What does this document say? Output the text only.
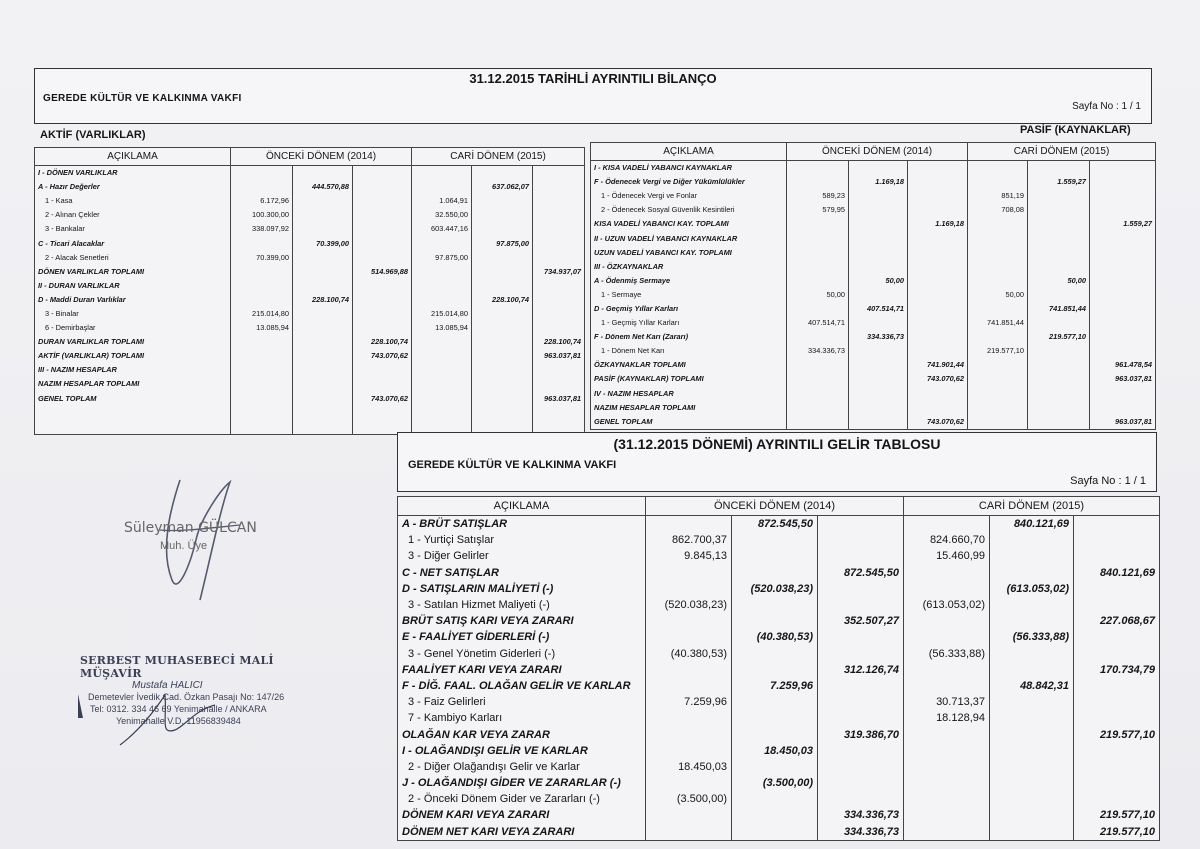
31.12.2015 TARİHLİ AYRINTILI BİLANÇO
GEREDE KÜLTÜR VE KALKINMA VAKFI
Sayfa No : 1 / 1
AKTİF (VARLIKLAR)	PASİF (KAYNAKLAR)
AÇIKLAMA	ÖNCEKİ DÖNEM (2014)			CARİ DÖNEM (2015)		
I - DÖNEN VARLIKLAR						
A - Hazır Değerler		444.570,88			637.062,07	
1 - Kasa	6.172,96			1.064,91		
2 - Alınan Çekler	100.300,00			32.550,00		
3 - Bankalar	338.097,92			603.447,16		
C - Ticari Alacaklar		70.399,00			97.875,00	
2 - Alacak Senetleri	70.399,00			97.875,00		
DÖNEN VARLIKLAR TOPLAMI			514.969,88			734.937,07
II - DURAN VARLIKLAR						
D - Maddi Duran Varlıklar		228.100,74			228.100,74	
3 - Binalar	215.014,80			215.014,80		
6 - Demirbaşlar	13.085,94			13.085,94		
DURAN VARLIKLAR TOPLAMI			228.100,74			228.100,74
AKTİF (VARLIKLAR) TOPLAMI			743.070,62			963.037,81
III - NAZIM HESAPLAR						
NAZIM HESAPLAR TOPLAMI						
GENEL TOPLAM			743.070,62			963.037,81

AÇIKLAMA	ÖNCEKİ DÖNEM (2014)			CARİ DÖNEM (2015)		
I - KISA VADELİ YABANCI KAYNAKLAR						
F - Ödenecek Vergi ve Diğer Yükümlülükler		1.169,18			1.559,27	
1 - Ödenecek Vergi ve Fonlar	589,23			851,19		
2 - Ödenecek Sosyal Güvenlik Kesintileri	579,95			708,08		
KISA VADELİ YABANCI KAY. TOPLAMI			1.169,18			1.559,27
II - UZUN VADELİ YABANCI KAYNAKLAR						
UZUN VADELİ YABANCI KAY. TOPLAMI						
III - ÖZKAYNAKLAR						
A - Ödenmiş Sermaye		50,00			50,00	
1 - Sermaye	50,00			50,00		
D - Geçmiş Yıllar Karları		407.514,71			741.851,44	
1 - Geçmiş Yıllar Karları	407.514,71			741.851,44		
F - Dönem Net Karı (Zararı)		334.336,73			219.577,10	
1 - Dönem Net Karı	334.336,73			219.577,10		
ÖZKAYNAKLAR TOPLAMI			741.901,44			961.478,54
PASİF (KAYNAKLAR) TOPLAMI			743.070,62			963.037,81
IV - NAZIM HESAPLAR						
NAZIM HESAPLAR TOPLAMI						
GENEL TOPLAM			743.070,62			963.037,81
Süleyman GÜLCAN
Muh. Üye
SERBEST MUHASEBECİ MALİ MÜŞAVİR
Mustafa HALICI
Demetevler İvedik Cad. Özkan Pasajı No: 147/26
Tel: 0312. 334 46 69 Yenimahalle / ANKARA
Yenimahalle V.D. 11956839484
(31.12.2015 DÖNEMİ) AYRINTILI GELİR TABLOSU
GEREDE KÜLTÜR VE KALKINMA VAKFI
Sayfa No : 1 / 1
AÇIKLAMA	ÖNCEKİ DÖNEM (2014)			CARİ DÖNEM (2015)		
A - BRÜT SATIŞLAR		872.545,50			840.121,69	
1 - Yurtiçi Satışlar	862.700,37			824.660,70		
3 - Diğer Gelirler	9.845,13			15.460,99		
C - NET SATIŞLAR			872.545,50			840.121,69
D - SATIŞLARIN MALİYETİ (-)		(520.038,23)			(613.053,02)	
3 - Satılan Hizmet Maliyeti (-)	(520.038,23)			(613.053,02)		
BRÜT SATIŞ KARI VEYA ZARARI			352.507,27			227.068,67
E - FAALİYET GİDERLERİ (-)		(40.380,53)			(56.333,88)	
3 - Genel Yönetim Giderleri (-)	(40.380,53)			(56.333,88)		
FAALİYET KARI VEYA ZARARI			312.126,74			170.734,79
F - DİĞ. FAAL. OLAĞAN GELİR VE KARLAR		7.259,96			48.842,31	
3 - Faiz Gelirleri	7.259,96			30.713,37		
7 - Kambiyo Karları				18.128,94		
OLAĞAN KAR VEYA ZARAR			319.386,70			219.577,10
I - OLAĞANDIŞI GELİR VE KARLAR		18.450,03				
2 - Diğer Olağandışı Gelir ve Karlar	18.450,03					
J - OLAĞANDIŞI GİDER VE ZARARLAR (-)		(3.500,00)				
2 - Önceki Dönem Gider ve Zararları (-)	(3.500,00)					
DÖNEM KARI VEYA ZARARI			334.336,73			219.577,10
DÖNEM NET KARI VEYA ZARARI			334.336,73			219.577,10
